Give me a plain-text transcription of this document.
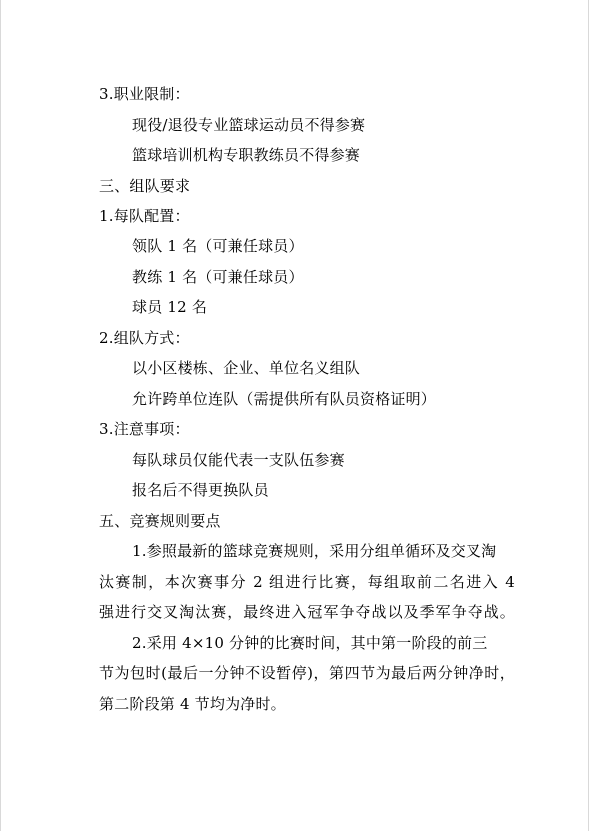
3.职业限制：
现役/退役专业篮球运动员不得参赛
篮球培训机构专职教练员不得参赛
三、组队要求
1.每队配置：
领队 1 名（可兼任球员）
教练 1 名（可兼任球员）
球员 12 名
2.组队方式：
以小区楼栋、企业、单位名义组队
允许跨单位连队（需提供所有队员资格证明）
3.注意事项：
每队球员仅能代表一支队伍参赛
报名后不得更换队员
五、竞赛规则要点
1.参照最新的篮球竞赛规则，采用分组单循环及交叉淘
汰赛制，本次赛事分 2 组进行比赛，每组取前二名进入 4
强进行交叉淘汰赛，最终进入冠军争夺战以及季军争夺战。
2.采用 4×10 分钟的比赛时间，其中第一阶段的前三
节为包时(最后一分钟不设暂停)，第四节为最后两分钟净时，
第二阶段第 4 节均为净时。
